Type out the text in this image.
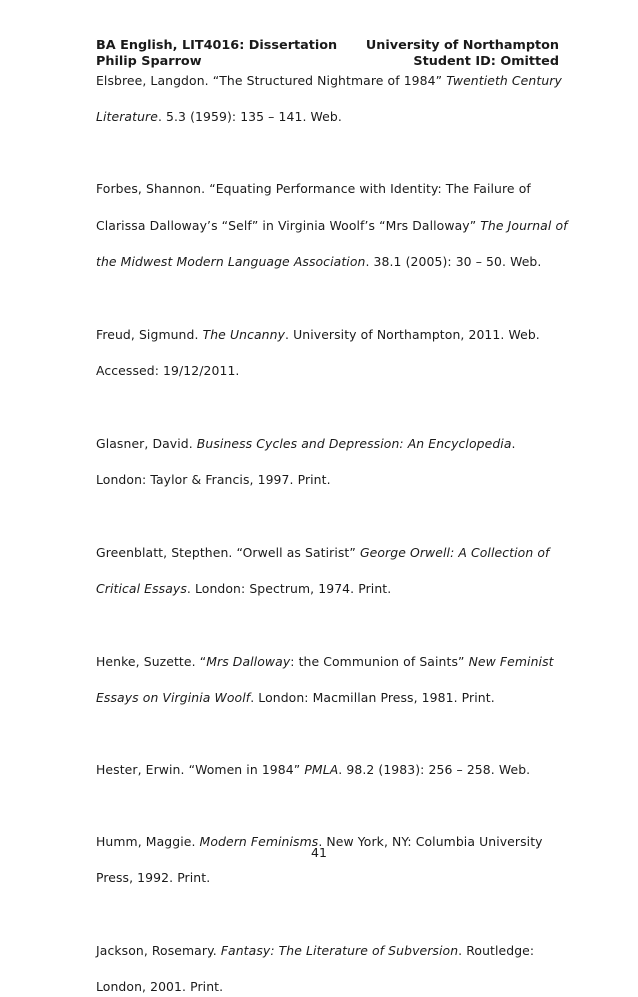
BA English, LIT4016: Dissertation University of Northampton
Philip Sparrow	Student ID: Omitted
Elsbree, Langdon. “The Structured Nightmare of 1984” Twentieth Century
Literature. 5.3 (1959): 135 – 141. Web.
Forbes, Shannon. “Equating Performance with Identity: The Failure of
Clarissa Dalloway’s “Self” in Virginia Woolf’s “Mrs Dalloway” The Journal of
the Midwest Modern Language Association. 38.1 (2005): 30 – 50. Web.
Freud, Sigmund. The Uncanny. University of Northampton, 2011. Web.
Accessed: 19/12/2011.
Glasner, David. Business Cycles and Depression: An Encyclopedia.
London: Taylor & Francis, 1997. Print.
Greenblatt, Stepthen. “Orwell as Satirist” George Orwell: A Collection of
Critical Essays. London: Spectrum, 1974. Print.
Henke, Suzette. “Mrs Dalloway: the Communion of Saints” New Feminist
Essays on Virginia Woolf. London: Macmillan Press, 1981. Print.
Hester, Erwin. “Women in 1984” PMLA. 98.2 (1983): 256 – 258. Web.
Humm, Maggie. Modern Feminisms. New York, NY: Columbia University
Press, 1992. Print.
Jackson, Rosemary. Fantasy: The Literature of Subversion. Routledge:
London, 2001. Print.
41
